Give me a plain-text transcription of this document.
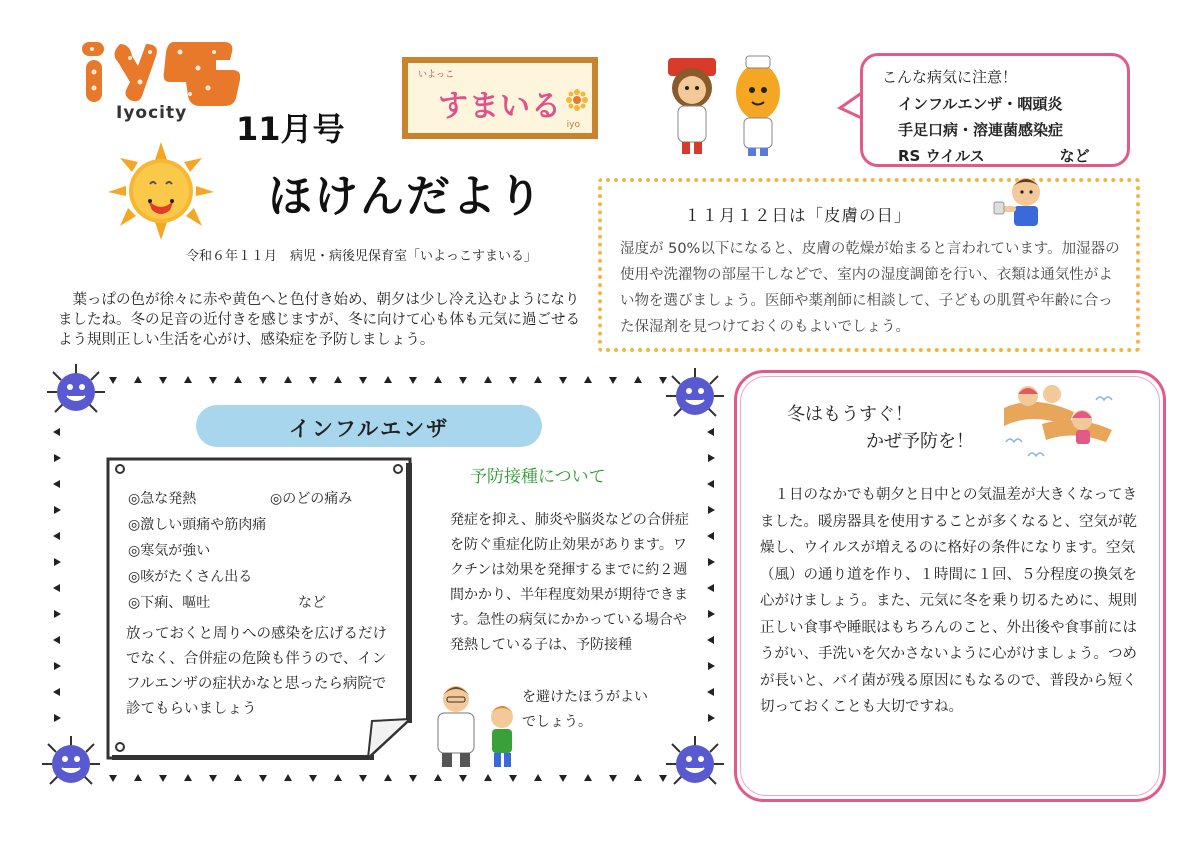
Iyocity 11月号
ほけんだより
いよっこ
すまいる
iyo
こんな病気に注意！
インフルエンザ・咽頭炎
手足口病・溶連菌感染症
RS ウイルス　　　　　など
令和６年１１月　病児・病後児保育室「いよっこすまいる」
葉っぱの色が徐々に赤や黄色へと色付き始め、朝夕は少し冷え込むようになりましたね。冬の足音の近付きを感じますが、冬に向けて心も体も元気に過ごせるよう規則正しい生活を心がけ、感染症を予防しましょう。
１１月１２日は「皮膚の日」
湿度が 50%以下になると、皮膚の乾燥が始まると言われています。加湿器の使用や洗濯物の部屋干しなどで、室内の湿度調節を行い、衣類は通気性がよい物を選びましょう。医師や薬剤師に相談して、子どもの肌質や年齢に合った保湿剤を見つけておくのもよいでしょう。
インフルエンザ
◎急な発熱	◎のどの痛み
◎激しい頭痛や筋肉痛
◎寒気が強い
◎咳がたくさん出る
◎下痢、嘔吐	など
放っておくと周りへの感染を広げるだけでなく、合併症の危険も伴うので、インフルエンザの症状かなと思ったら病院で診てもらいましょう
予防接種について
発症を抑え、肺炎や脳炎などの合併症を防ぐ重症化防止効果があります。ワクチンは効果を発揮するまでに約２週間かかり、半年程度効果が期待できます。急性の病気にかかっている場合や発熱している子は、予防接種
を避けたほうがよい
でしょう。
冬はもうすぐ！
かぜ予防を！
１日のなかでも朝夕と日中との気温差が大きくなってきました。暖房器具を使用することが多くなると、空気が乾燥し、ウイルスが増えるのに格好の条件になります。空気（風）の通り道を作り、１時間に１回、５分程度の換気を心がけましょう。また、元気に冬を乗り切るために、規則正しい食事や睡眠はもちろんのこと、外出後や食事前には うがい、手洗いを欠かさないように心がけましょう。つめが長いと、バイ菌が残る原因にもなるので、普段から短く切っておくことも大切ですね。
